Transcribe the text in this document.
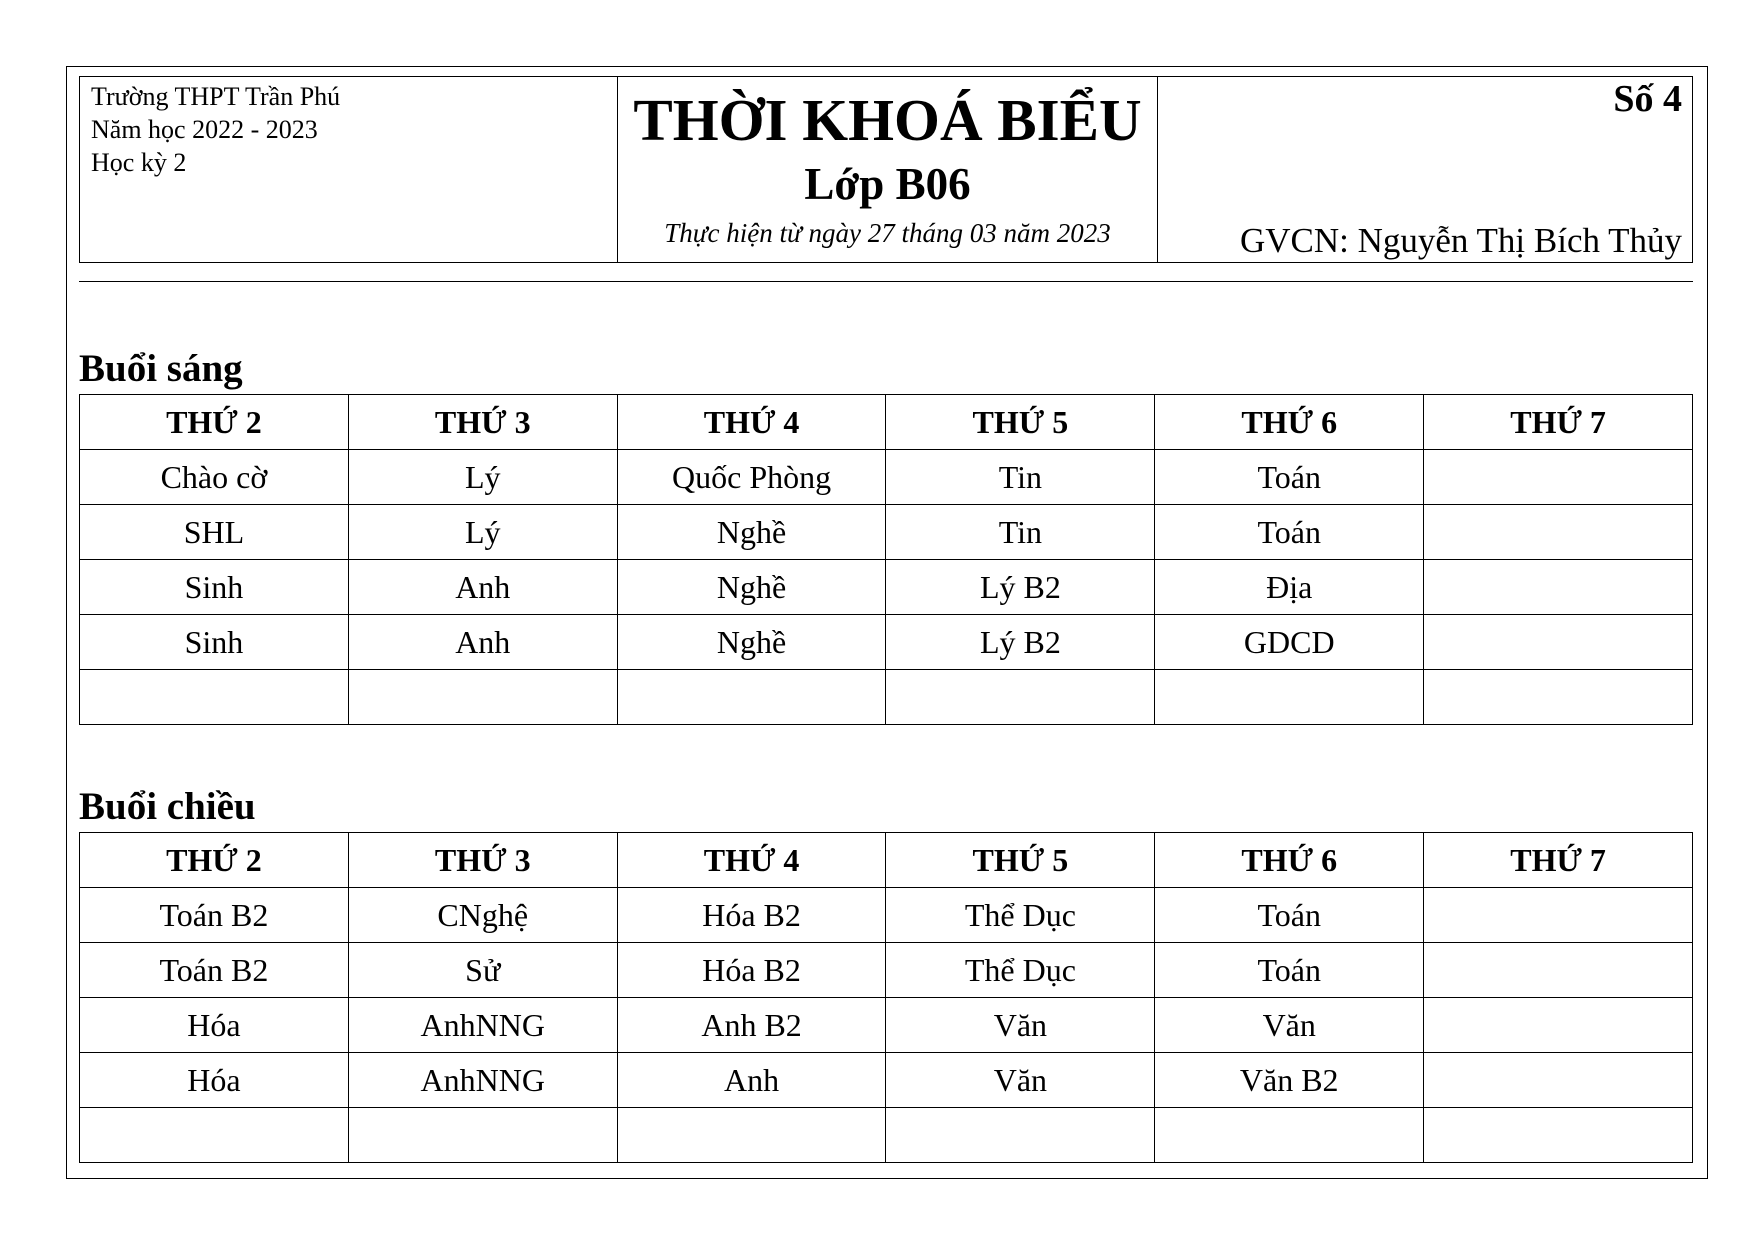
Trường THPT Trần Phú
Năm học 2022 - 2023
Học kỳ 2
THỜI KHOÁ BIỂU
Lớp B06
Thực hiện từ ngày 27 tháng 03 năm 2023
Số 4
GVCN: Nguyễn Thị Bích Thủy
Buổi sáng
THỨ 2	THỨ 3	THỨ 4	THỨ 5	THỨ 6	THỨ 7
Chào cờ	Lý	Quốc Phòng	Tin	Toán	
SHL	Lý	Nghề	Tin	Toán	
Sinh	Anh	Nghề	Lý B2	Địa	
Sinh	Anh	Nghề	Lý B2	GDCD	

Buổi chiều
THỨ 2	THỨ 3	THỨ 4	THỨ 5	THỨ 6	THỨ 7
Toán B2	CNghệ	Hóa B2	Thể Dục	Toán	
Toán B2	Sử	Hóa B2	Thể Dục	Toán	
Hóa	AnhNNG	Anh B2	Văn	Văn	
Hóa	AnhNNG	Anh	Văn	Văn B2	
